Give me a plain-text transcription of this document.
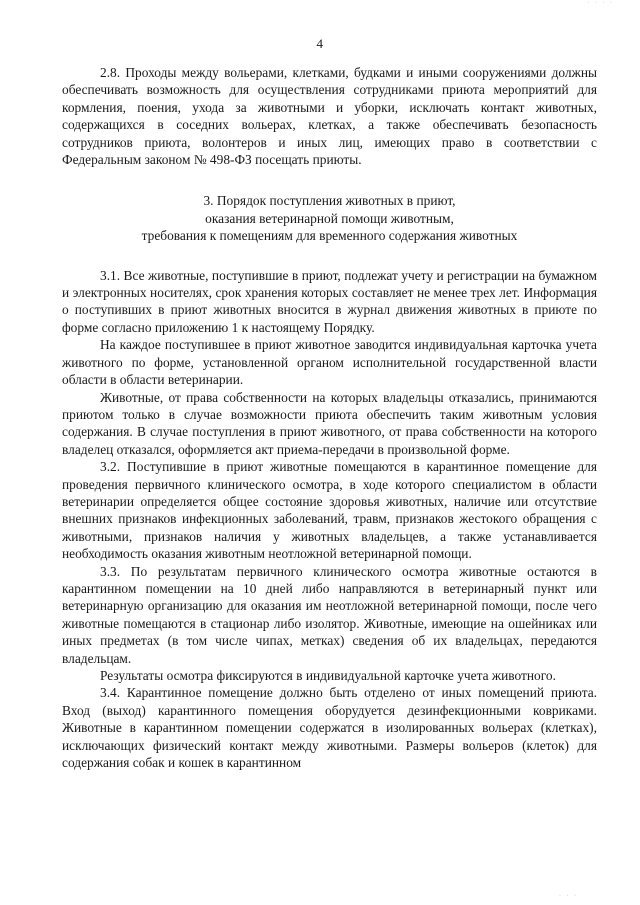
· · · ·
4

2.8. Проходы между вольерами, клетками, будками и иными сооружениями должны обеспечивать возможность для осуществления сотрудниками приюта мероприятий для кормления, поения, ухода за животными и уборки, исключать контакт животных, содержащихся в соседних вольерах, клетках, а также обеспечивать безопасность сотрудников приюта, волонтеров и иных лиц, имеющих право в соответствии с Федеральным законом № 498-ФЗ посещать приюты.

3. Порядок поступления животных в приют,
оказания ветеринарной помощи животным,
требования к помещениям для временного содержания животных

3.1. Все животные, поступившие в приют, подлежат учету и регистрации на бумажном и электронных носителях, срок хранения которых составляет не менее трех лет. Информация о поступивших в приют животных вносится в журнал движения животных в приюте по форме согласно приложению 1 к настоящему Порядку.

На каждое поступившее в приют животное заводится индивидуальная карточка учета животного по форме, установленной органом исполнительной государственной власти области в области ветеринарии.

Животные, от права собственности на которых владельцы отказались, принимаются приютом только в случае возможности приюта обеспечить таким животным условия содержания. В случае поступления в приют животного, от права собственности на которого владелец отказался, оформляется акт приема-передачи в произвольной форме.

3.2. Поступившие в приют животные помещаются в карантинное помещение для проведения первичного клинического осмотра, в ходе которого специалистом в области ветеринарии определяется общее состояние здоровья животных, наличие или отсутствие внешних признаков инфекционных заболеваний, травм, признаков жестокого обращения с животными, признаков наличия у животных владельцев, а также устанавливается необходимость оказания животным неотложной ветеринарной помощи.

3.3. По результатам первичного клинического осмотра животные остаются в карантинном помещении на 10 дней либо направляются в ветеринарный пункт или ветеринарную организацию для оказания им неотложной ветеринарной помощи, после чего животные помещаются в стационар либо изолятор. Животные, имеющие на ошейниках или иных предметах (в том числе чипах, метках) сведения об их владельцах, передаются владельцам.

Результаты осмотра фиксируются в индивидуальной карточке учета животного.

3.4. Карантинное помещение должно быть отделено от иных помещений приюта. Вход (выход) карантинного помещения оборудуется дезинфекционными ковриками. Животные в карантинном помещении содержатся в изолированных вольерах (клетках), исключающих физический контакт между животными. Размеры вольеров (клеток) для содержания собак и кошек в карантинном

· · ·
